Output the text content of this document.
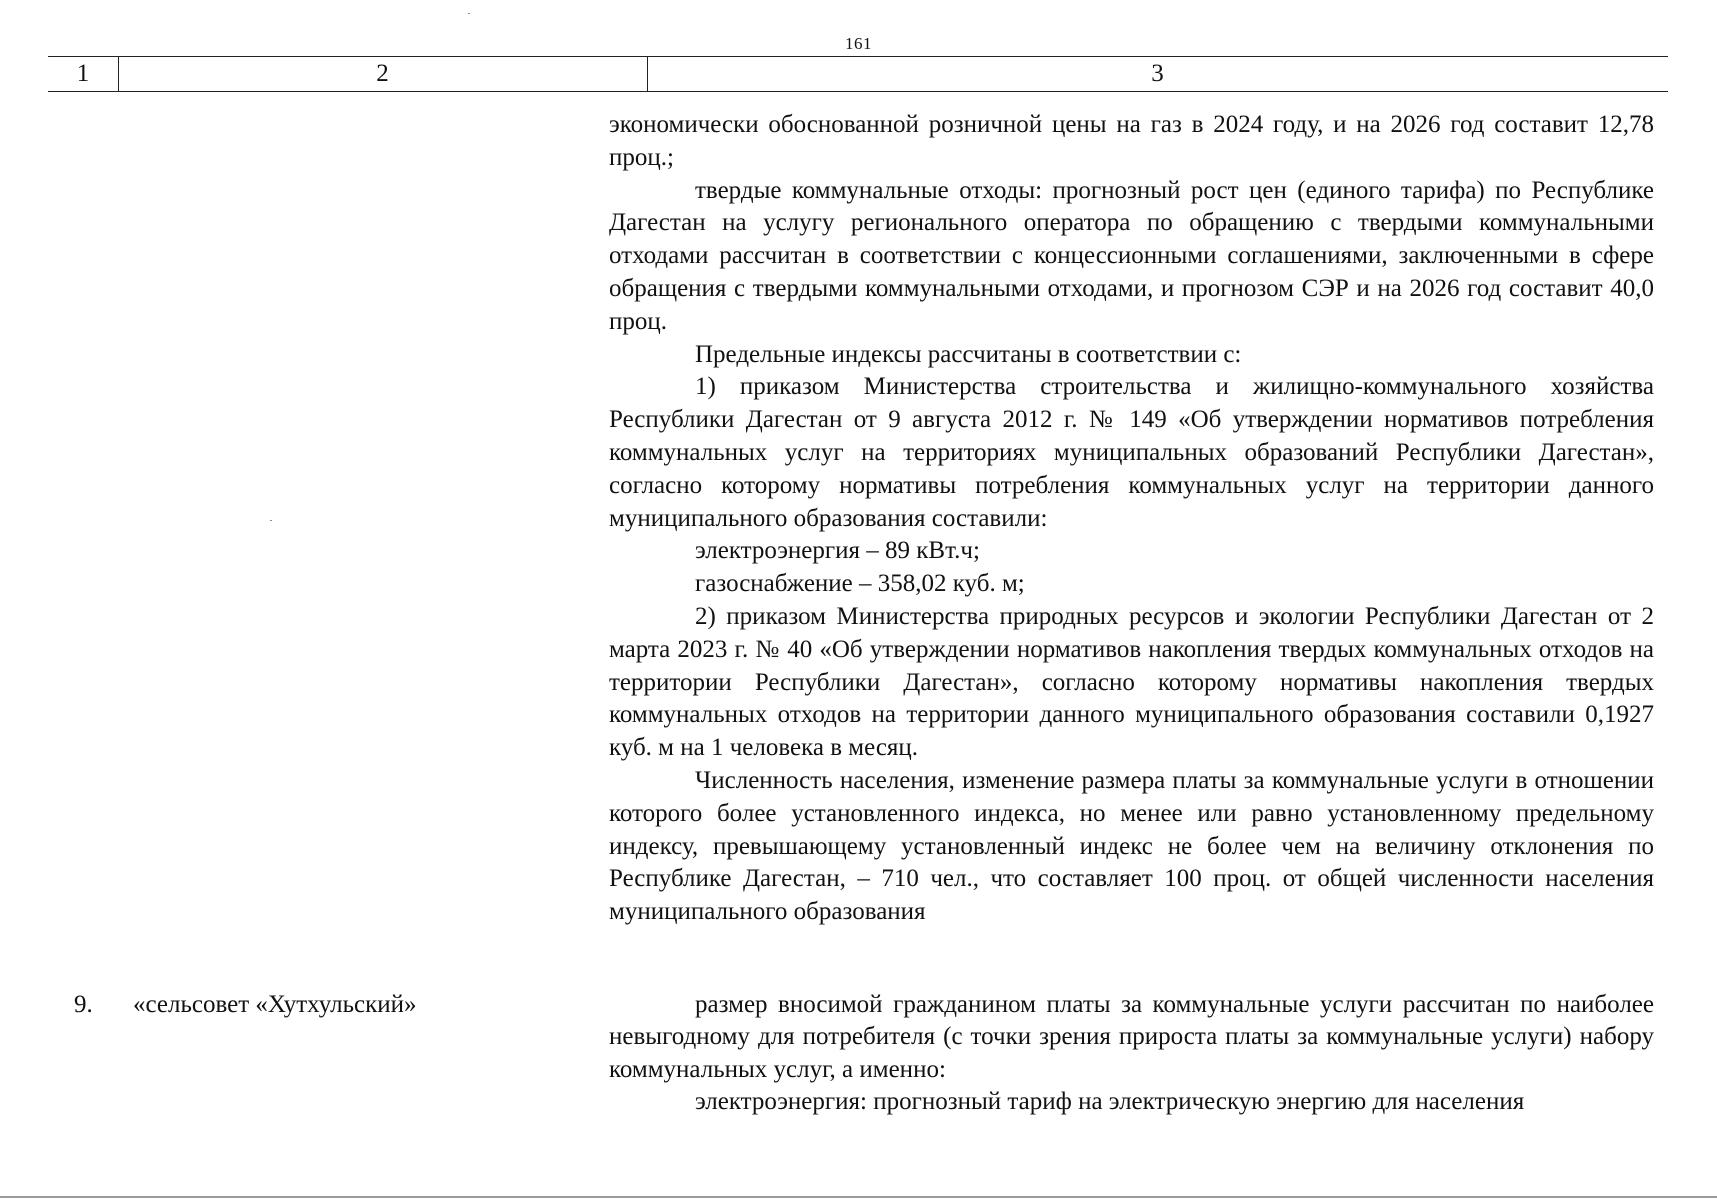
161
1	2	3

экономически обоснованной розничной цены на газ в 2024 году, и на 2026 год составит 12,78 проц.;

твердые коммунальные отходы: прогнозный рост цен (единого тарифа) по Республике Дагестан на услугу регионального оператора по обращению с твердыми коммунальными отходами рассчитан в соответствии с концессионными соглашениями, заключенными в сфере обращения с твердыми коммунальными отходами, и прогнозом СЭР и на 2026 год составит 40,0 проц.

Предельные индексы рассчитаны в соответствии с:

1) приказом Министерства строительства и жилищно-коммунального хозяйства Республики Дагестан от 9 августа 2012 г. № 149 «Об утверждении нормативов потребления коммунальных услуг на территориях муниципальных образований Республики Дагестан», согласно которому нормативы потребления коммунальных услуг на территории данного муниципального образования составили:

электроэнергия – 89 кВт.ч;

газоснабжение – 358,02 куб. м;

2) приказом Министерства природных ресурсов и экологии Республики Дагестан от 2 марта 2023 г. № 40 «Об утверждении нормативов накопления твердых коммунальных отходов на территории Республики Дагестан», согласно которому нормативы накопления твердых коммунальных отходов на территории данного муниципального образования составили 0,1927 куб. м на 1 человека в месяц.

Численность населения, изменение размера платы за коммунальные услуги в отношении которого более установленного индекса, но менее или равно установленному предельному индексу, превышающему установленный индекс не более чем на величину отклонения по Республике Дагестан, – 710 чел., что составляет 100 проц. от общей численности населения муниципального образования

9. «сельсовет «Хутхульский»	размер вносимой гражданином платы за коммунальные услуги рассчитан по наиболее невыгодному для потребителя (с точки зрения прироста платы за коммунальные услуги) набору коммунальных услуг, а именно:

электроэнергия: прогнозный тариф на электрическую энергию для населения
